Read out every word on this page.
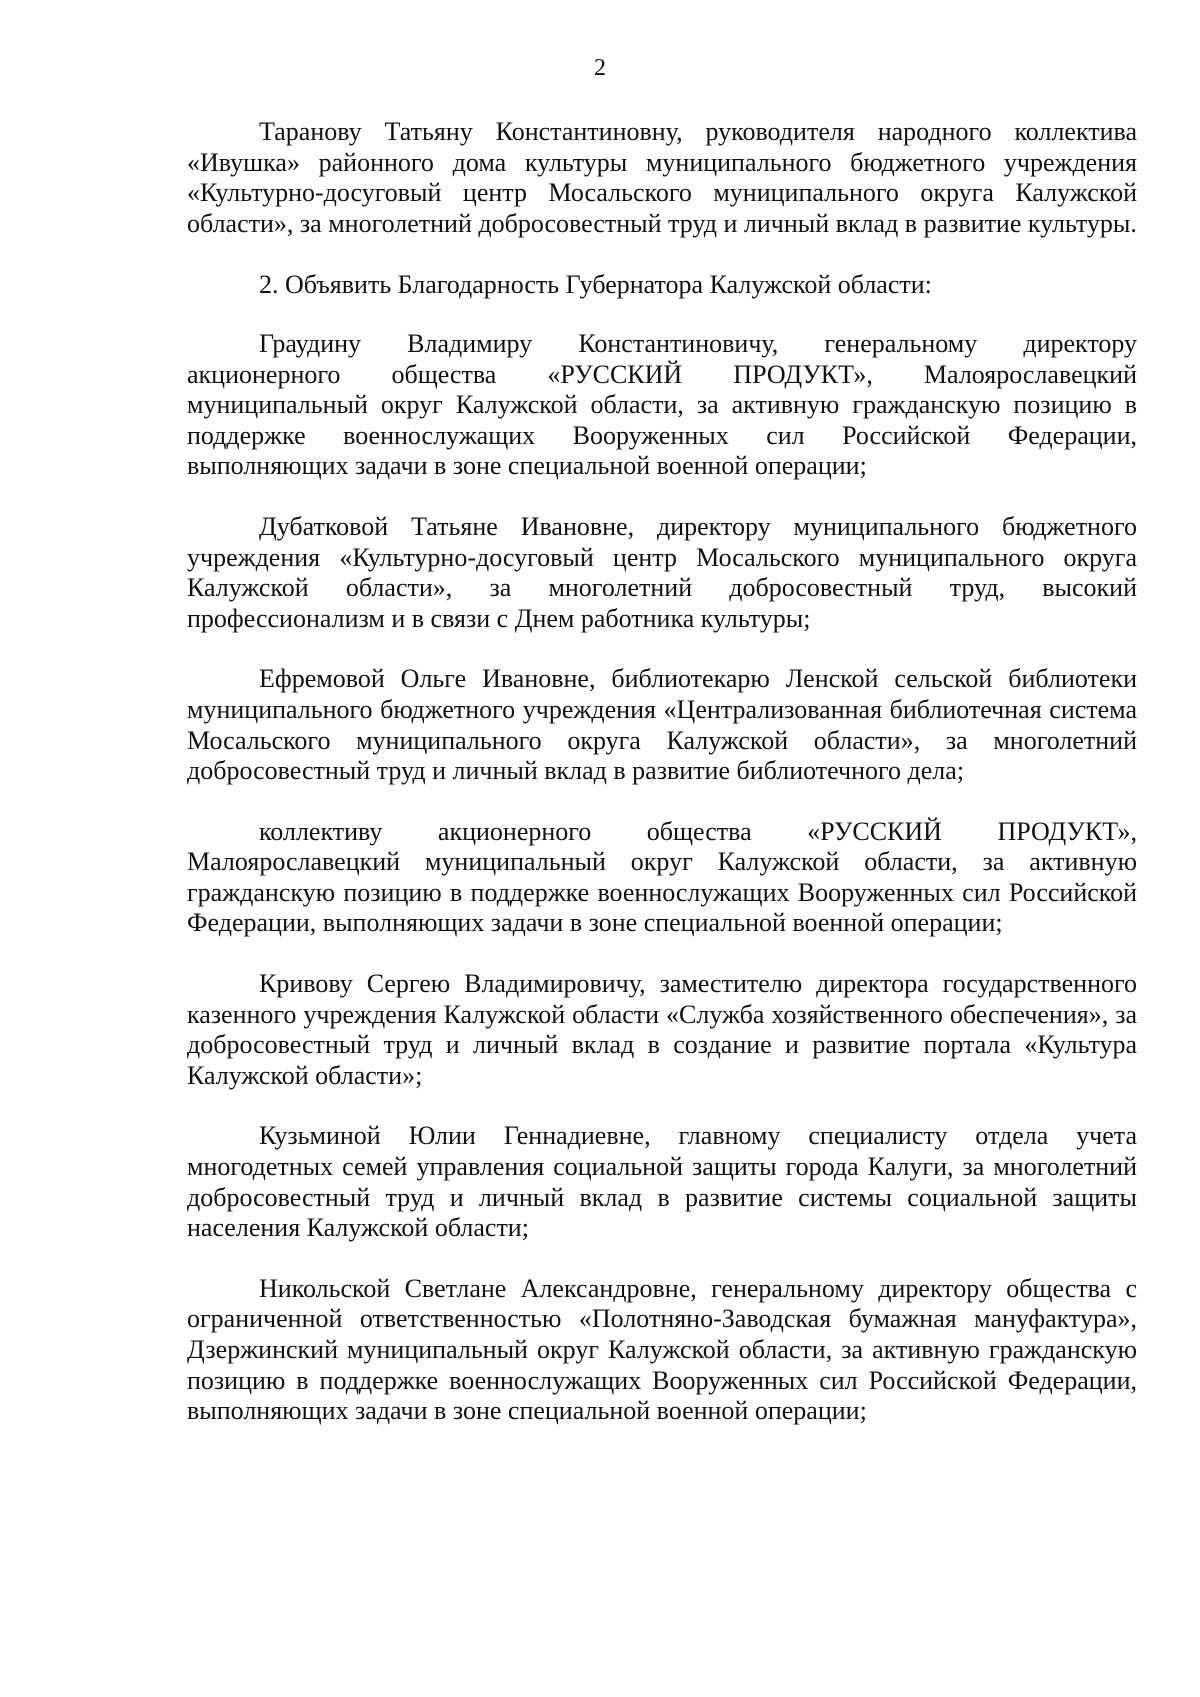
2

Таранову Татьяну Константиновну, руководителя народного коллектива «Ивушка» районного дома культуры муниципального бюджетного учреждения «Культурно-досуговый центр Мосальского муниципального округа Калужской области», за многолетний добросовестный труд и личный вклад в развитие культуры.

2. Объявить Благодарность Губернатора Калужской области:

Граудину Владимиру Константиновичу, генеральному директору акционерного общества «РУССКИЙ ПРОДУКТ», Малоярославецкий муниципальный округ Калужской области, за активную гражданскую позицию в поддержке военнослужащих Вооруженных сил Российской Федерации, выполняющих задачи в зоне специальной военной операции;

Дубатковой Татьяне Ивановне, директору муниципального бюджетного учреждения «Культурно-досуговый центр Мосальского муниципального округа Калужской области», за многолетний добросовестный труд, высокий профессионализм и в связи с Днем работника культуры;

Ефремовой Ольге Ивановне, библиотекарю Ленской сельской библиотеки муниципального бюджетного учреждения «Централизованная библиотечная система Мосальского муниципального округа Калужской области», за многолетний добросовестный труд и личный вклад в развитие библиотечного дела;

коллективу акционерного общества «РУССКИЙ ПРОДУКТ», Малоярославецкий муниципальный округ Калужской области, за активную гражданскую позицию в поддержке военнослужащих Вооруженных сил Российской Федерации, выполняющих задачи в зоне специальной военной операции;

Кривову Сергею Владимировичу, заместителю директора государственного казенного учреждения Калужской области «Служба хозяйственного обеспечения», за добросовестный труд и личный вклад в создание и развитие портала «Культура Калужской области»;

Кузьминой Юлии Геннадиевне, главному специалисту отдела учета многодетных семей управления социальной защиты города Калуги, за многолетний добросовестный труд и личный вклад в развитие системы социальной защиты населения Калужской области;

Никольской Светлане Александровне, генеральному директору общества с ограниченной ответственностью «Полотняно-Заводская бумажная мануфактура», Дзержинский муниципальный округ Калужской области, за активную гражданскую позицию в поддержке военнослужащих Вооруженных сил Российской Федерации, выполняющих задачи в зоне специальной военной операции;
